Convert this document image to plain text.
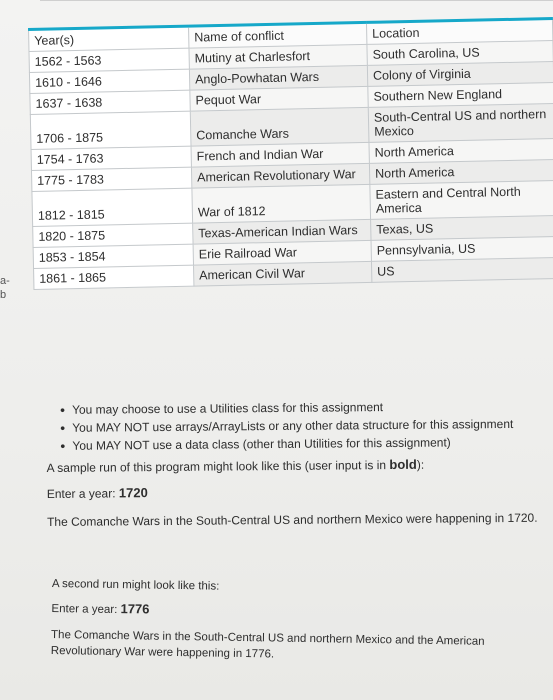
a-
b
Year(s)	Name of conflict	Location
1562 - 1563	Mutiny at Charlesfort	South Carolina, US
1610 - 1646	Anglo-Powhatan Wars	Colony of Virginia
1637 - 1638	Pequot War	Southern New England
1706 - 1875	Comanche Wars	South-Central US and northern Mexico
1754 - 1763	French and Indian War	North America
1775 - 1783	American Revolutionary War	North America
1812 - 1815	War of 1812	Eastern and Central North America
1820 - 1875	Texas-American Indian Wars	Texas, US
1853 - 1854	Erie Railroad War	Pennsylvania, US
1861 - 1865	American Civil War	US
• You may choose to use a Utilities class for this assignment
• You MAY NOT use arrays/ArrayLists or any other data structure for this assignment
• You MAY NOT use a data class (other than Utilities for this assignment)

A sample run of this program might look like this (user input is in bold):

Enter a year: 1720

The Comanche Wars in the South-Central US and northern Mexico were happening in 1720.

A second run might look like this:

Enter a year: 1776

The Comanche Wars in the South-Central US and northern Mexico and the American Revolutionary War were happening in 1776.
